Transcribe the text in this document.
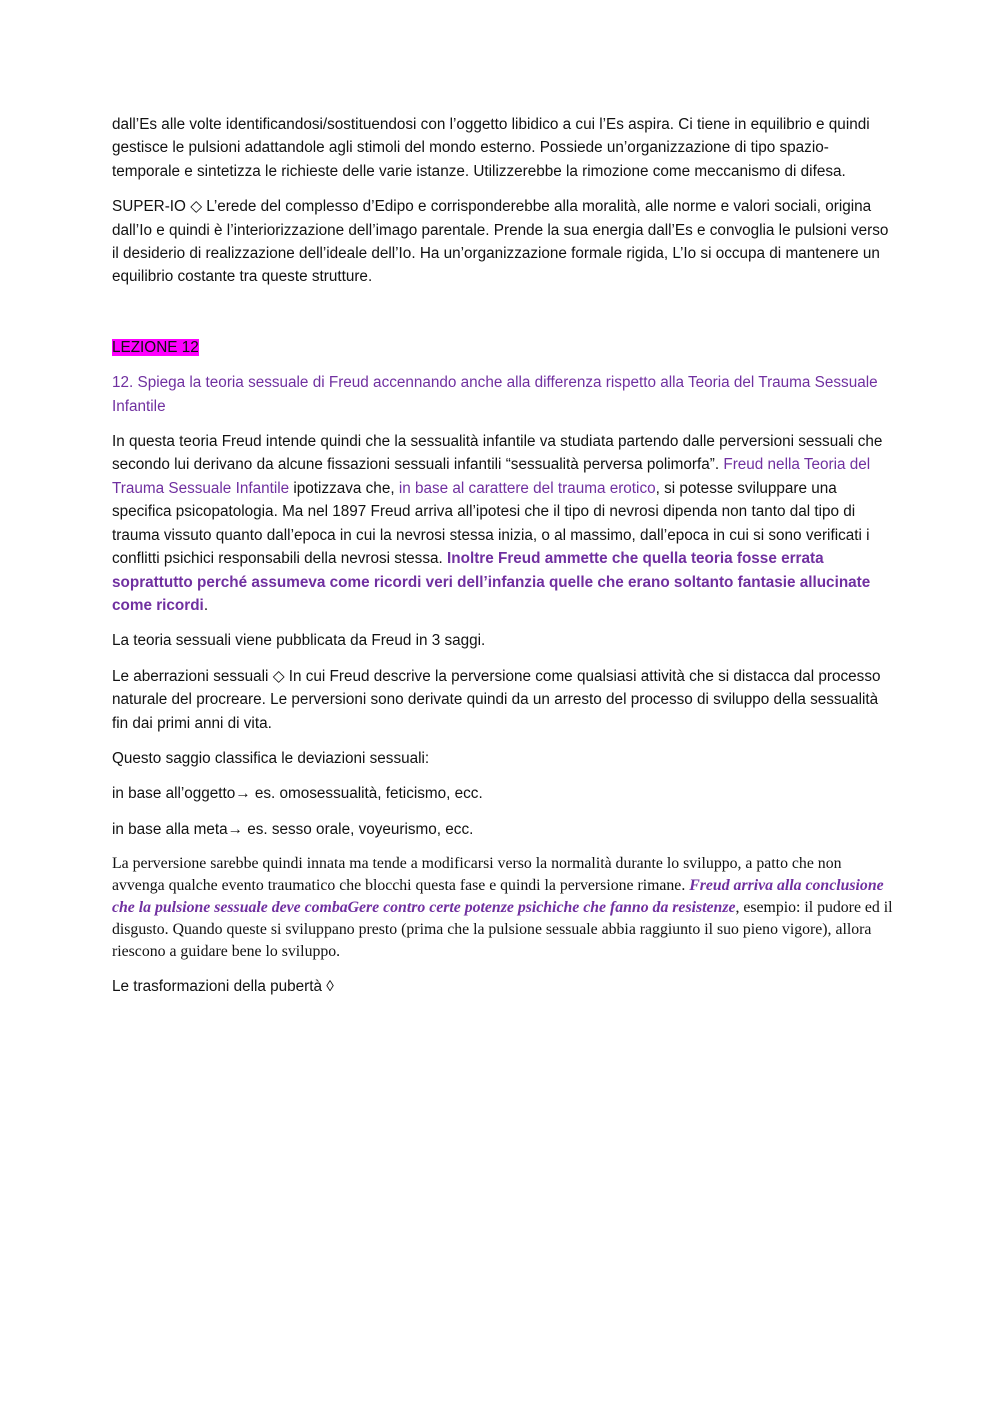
dall’Es alle volte identificandosi/sostituendosi con l’oggetto libidico a cui l’Es aspira. Ci tiene in equilibrio e quindi gestisce le pulsioni adattandole agli stimoli del mondo esterno. Possiede un’organizzazione di tipo spazio-temporale e sintetizza le richieste delle varie istanze. Utilizzerebbe la rimozione come meccanismo di difesa.

SUPER-IO ◇ L’erede del complesso d’Edipo e corrisponderebbe alla moralità, alle norme e valori sociali, origina dall’Io e quindi è l’interiorizzazione dell’imago parentale. Prende la sua energia dall’Es e convoglia le pulsioni verso il desiderio di realizzazione dell’ideale dell’Io. Ha un’organizzazione formale rigida, L’Io si occupa di mantenere un equilibrio costante tra queste strutture.

LEZIONE 12

12. Spiega la teoria sessuale di Freud accennando anche alla differenza rispetto alla Teoria del Trauma Sessuale Infantile

In questa teoria Freud intende quindi che la sessualità infantile va studiata partendo dalle perversioni sessuali che secondo lui derivano da alcune fissazioni sessuali infantili “sessualità perversa polimorfa”. Freud nella Teoria del Trauma Sessuale Infantile ipotizzava che, in base al carattere del trauma erotico, si potesse sviluppare una specifica psicopatologia. Ma nel 1897 Freud arriva all’ipotesi che il tipo di nevrosi dipenda non tanto dal tipo di trauma vissuto quanto dall’epoca in cui la nevrosi stessa inizia, o al massimo, dall’epoca in cui si sono verificati i conflitti psichici responsabili della nevrosi stessa. Inoltre Freud ammette che quella teoria fosse errata soprattutto perché assumeva come ricordi veri dell’infanzia quelle che erano soltanto fantasie allucinate come ricordi.

La teoria sessuali viene pubblicata da Freud in 3 saggi.

Le aberrazioni sessuali ◇ In cui Freud descrive la perversione come qualsiasi attività che si distacca dal processo naturale del procreare. Le perversioni sono derivate quindi da un arresto del processo di sviluppo della sessualità fin dai primi anni di vita.

Questo saggio classifica le deviazioni sessuali:

in base all’oggetto→ es. omosessualità, feticismo, ecc.

in base alla meta→ es. sesso orale, voyeurismo, ecc.

La perversione sarebbe quindi innata ma tende a modificarsi verso la normalità durante lo sviluppo, a patto che non avvenga qualche evento traumatico che blocchi questa fase e quindi la perversione rimane. Freud arriva alla conclusione che la pulsione sessuale deve combaGere contro certe potenze psichiche che fanno da resistenze, esempio: il pudore ed il disgusto. Quando queste si sviluppano presto (prima che la pulsione sessuale abbia raggiunto il suo pieno vigore), allora riescono a guidare bene lo sviluppo.

Le trasformazioni della pubertà ◊
